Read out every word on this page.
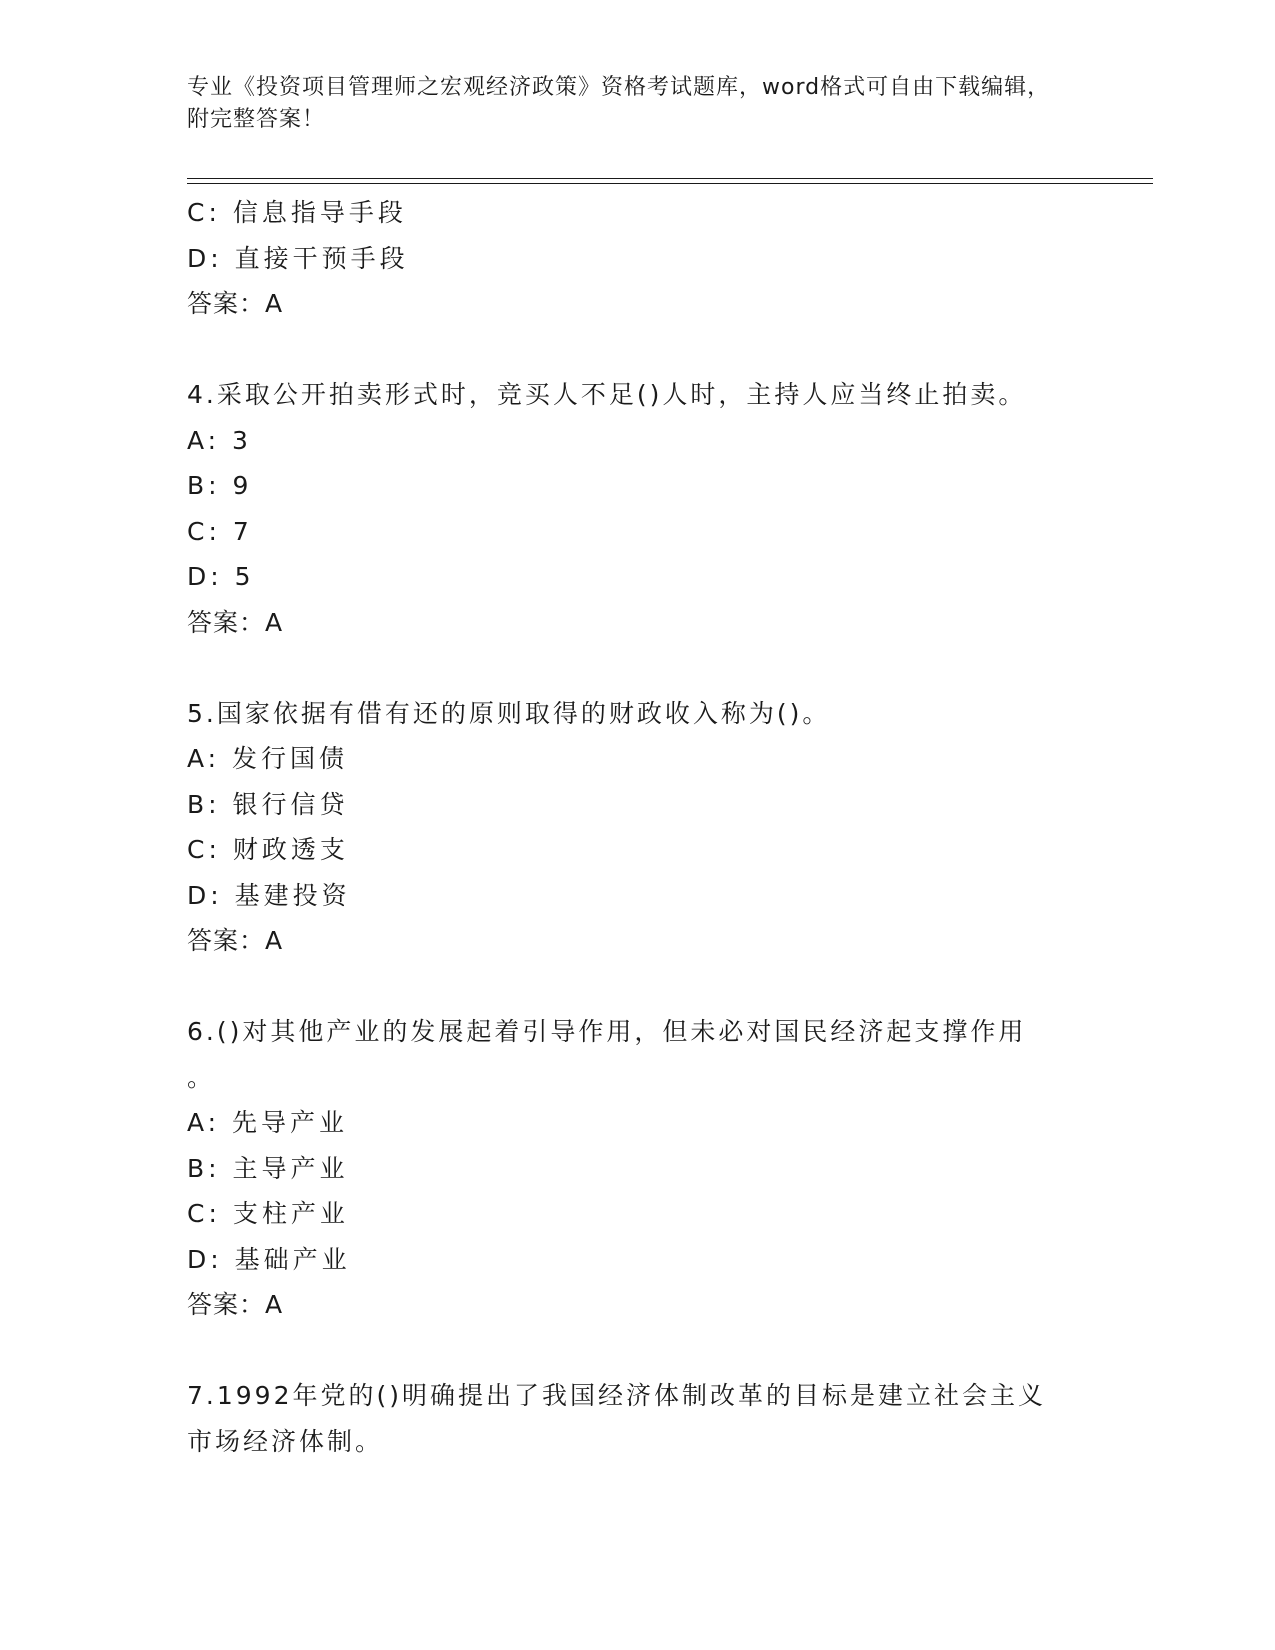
专业《投资项目管理师之宏观经济政策》资格考试题库，word格式可自由下载编辑，附完整答案！
C: 信息指导手段
D: 直接干预手段
答案：A
4.采取公开拍卖形式时，竞买人不足()人时，主持人应当终止拍卖。
A: 3
B: 9
C: 7
D: 5
答案：A
5.国家依据有借有还的原则取得的财政收入称为()。
A: 发行国债
B: 银行信贷
C: 财政透支
D: 基建投资
答案：A
6.()对其他产业的发展起着引导作用，但未必对国民经济起支撑作用
。
A: 先导产业
B: 主导产业
C: 支柱产业
D: 基础产业
答案：A
7.1992年党的()明确提出了我国经济体制改革的目标是建立社会主义
市场经济体制。
